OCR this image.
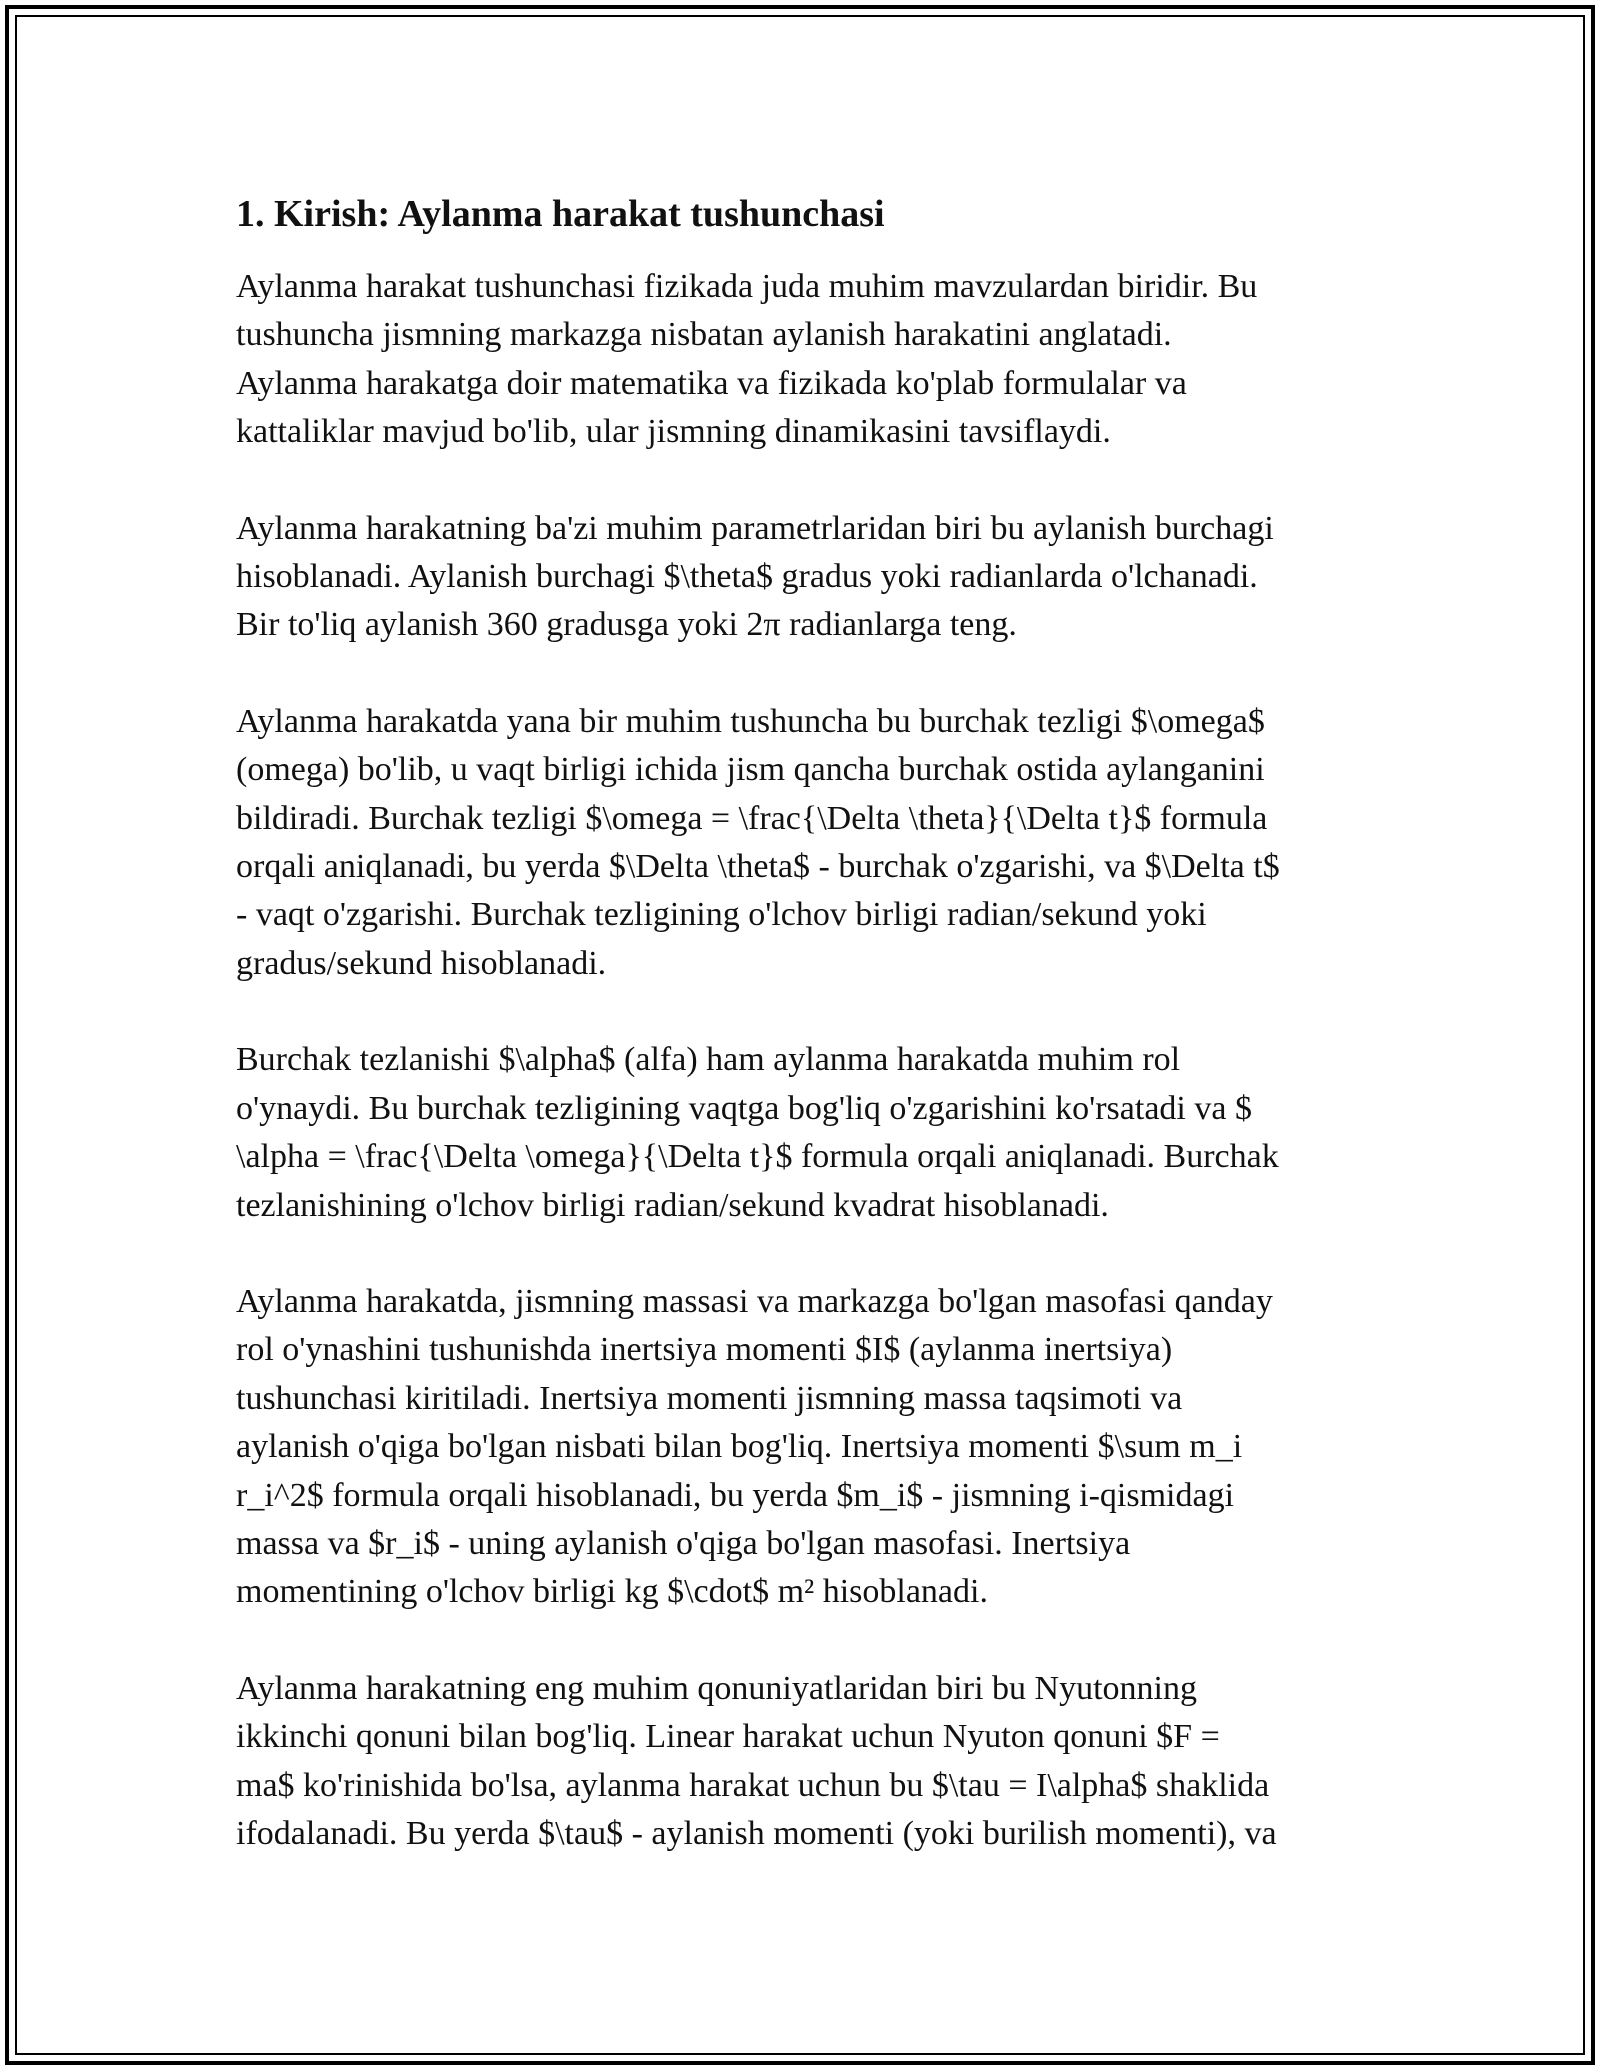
1. Kirish: Aylanma harakat tushunchasi

Aylanma harakat tushunchasi fizikada juda muhim mavzulardan biridir. Bu
tushuncha jismning markazga nisbatan aylanish harakatini anglatadi.
Aylanma harakatga doir matematika va fizikada ko'plab formulalar va
kattaliklar mavjud bo'lib, ular jismning dinamikasini tavsiflaydi.

Aylanma harakatning ba'zi muhim parametrlaridan biri bu aylanish burchagi
hisoblanadi. Aylanish burchagi $\theta$ gradus yoki radianlarda o'lchanadi.
Bir to'liq aylanish 360 gradusga yoki 2π radianlarga teng.

Aylanma harakatda yana bir muhim tushuncha bu burchak tezligi $\omega$
(omega) bo'lib, u vaqt birligi ichida jism qancha burchak ostida aylanganini
bildiradi. Burchak tezligi $\omega = \frac{\Delta \theta}{\Delta t}$ formula
orqali aniqlanadi, bu yerda $\Delta \theta$ - burchak o'zgarishi, va $\Delta t$
- vaqt o'zgarishi. Burchak tezligining o'lchov birligi radian/sekund yoki
gradus/sekund hisoblanadi.

Burchak tezlanishi $\alpha$ (alfa) ham aylanma harakatda muhim rol
o'ynaydi. Bu burchak tezligining vaqtga bog'liq o'zgarishini ko'rsatadi va $
\alpha = \frac{\Delta \omega}{\Delta t}$ formula orqali aniqlanadi. Burchak
tezlanishining o'lchov birligi radian/sekund kvadrat hisoblanadi.

Aylanma harakatda, jismning massasi va markazga bo'lgan masofasi qanday
rol o'ynashini tushunishda inertsiya momenti $I$ (aylanma inertsiya)
tushunchasi kiritiladi. Inertsiya momenti jismning massa taqsimoti va
aylanish o'qiga bo'lgan nisbati bilan bog'liq. Inertsiya momenti $\sum m_i
r_i^2$ formula orqali hisoblanadi, bu yerda $m_i$ - jismning i-qismidagi
massa va $r_i$ - uning aylanish o'qiga bo'lgan masofasi. Inertsiya
momentining o'lchov birligi kg $\cdot$ m² hisoblanadi.

Aylanma harakatning eng muhim qonuniyatlaridan biri bu Nyutonning
ikkinchi qonuni bilan bog'liq. Linear harakat uchun Nyuton qonuni $F =
ma$ ko'rinishida bo'lsa, aylanma harakat uchun bu $\tau = I\alpha$ shaklida
ifodalanadi. Bu yerda $\tau$ - aylanish momenti (yoki burilish momenti), va
